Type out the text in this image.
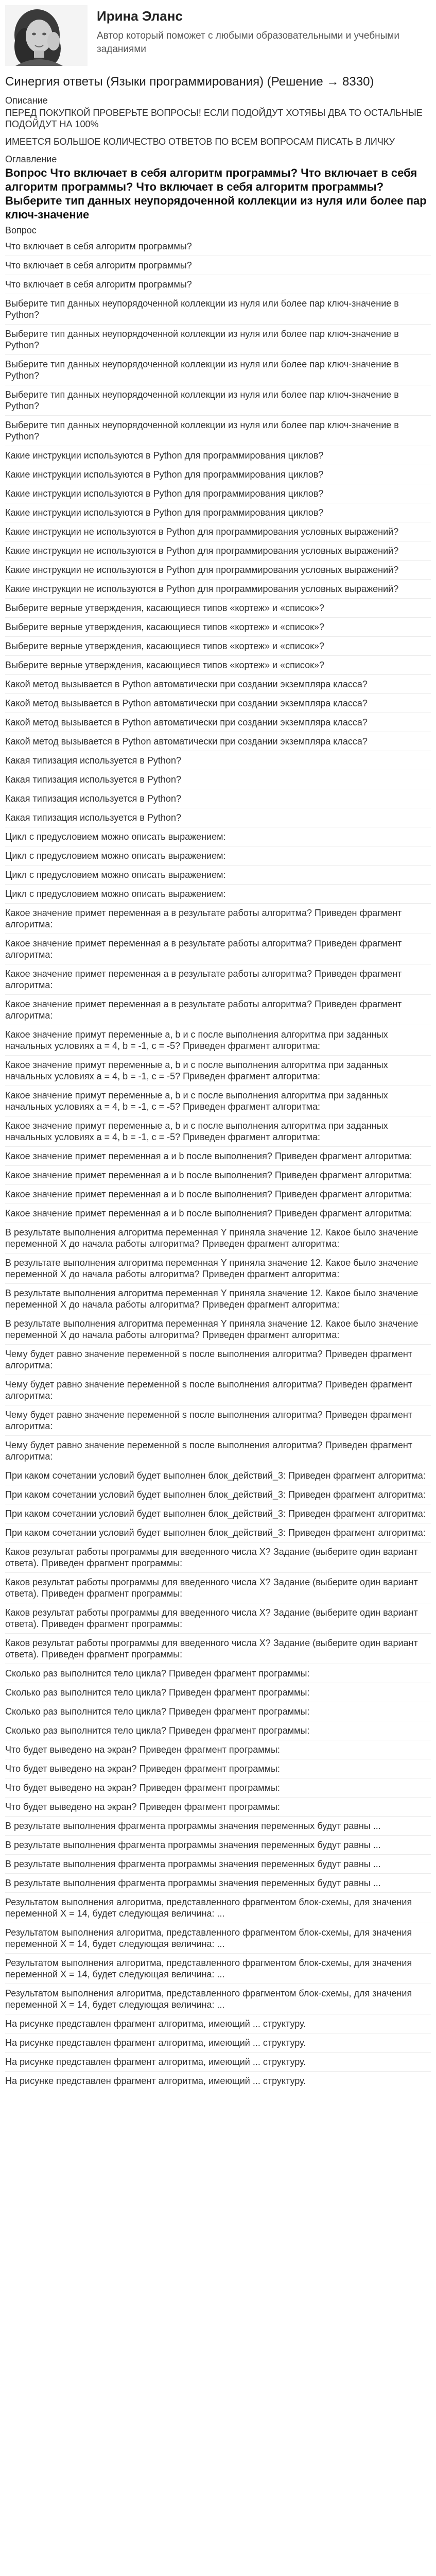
Ирина Эланс
Автор который поможет с любыми образовательными и учебными заданиями
Синергия ответы (Языки программирования) (Решение → 8330)
Описание
ПЕРЕД ПОКУПКОЙ ПРОВЕРЬТЕ ВОПРОСЫ! ЕСЛИ ПОДОЙДУТ ХОТЯБЫ ДВА ТО ОСТАЛЬНЫЕ ПОДОЙДУТ НА 100%
ИМЕЕТСЯ БОЛЬШОЕ КОЛИЧЕСТВО ОТВЕТОВ ПО ВСЕМ ВОПРОСАМ ПИСАТЬ В ЛИЧКУ
Оглавление
Вопрос Что включает в себя алгоритм программы? Что включает в себя алгоритм программы? Что включает в себя алгоритм программы? Выберите тип данных неупорядоченной коллекции из нуля или более пар ключ-значение
Вопрос
Что включает в себя алгоритм программы?
Что включает в себя алгоритм программы?
Что включает в себя алгоритм программы?
Выберите тип данных неупорядоченной коллекции из нуля или более пар ключ-значение в Python?
Выберите тип данных неупорядоченной коллекции из нуля или более пар ключ-значение в Python?
Выберите тип данных неупорядоченной коллекции из нуля или более пар ключ-значение в Python?
Выберите тип данных неупорядоченной коллекции из нуля или более пар ключ-значение в Python?
Выберите тип данных неупорядоченной коллекции из нуля или более пар ключ-значение в Python?
Какие инструкции используются в Python для программирования циклов?
Какие инструкции используются в Python для программирования циклов?
Какие инструкции используются в Python для программирования циклов?
Какие инструкции используются в Python для программирования циклов?
Какие инструкции не используются в Python для программирования условных выражений?
Какие инструкции не используются в Python для программирования условных выражений?
Какие инструкции не используются в Python для программирования условных выражений?
Какие инструкции не используются в Python для программирования условных выражений?
Выберите верные утверждения, касающиеся типов «кортеж» и «список»?
Выберите верные утверждения, касающиеся типов «кортеж» и «список»?
Выберите верные утверждения, касающиеся типов «кортеж» и «список»?
Выберите верные утверждения, касающиеся типов «кортеж» и «список»?
Какой метод вызывается в Python автоматически при создании экземпляра класса?
Какой метод вызывается в Python автоматически при создании экземпляра класса?
Какой метод вызывается в Python автоматически при создании экземпляра класса?
Какой метод вызывается в Python автоматически при создании экземпляра класса?
Какая типизация используется в Python?
Какая типизация используется в Python?
Какая типизация используется в Python?
Какая типизация используется в Python?
Цикл с предусловием можно описать выражением:
Цикл с предусловием можно описать выражением:
Цикл с предусловием можно описать выражением:
Цикл с предусловием можно описать выражением:
Какое значение примет переменная a в результате работы алгоритма? Приведен фрагмент алгоритма:
Какое значение примет переменная a в результате работы алгоритма? Приведен фрагмент алгоритма:
Какое значение примет переменная a в результате работы алгоритма? Приведен фрагмент алгоритма:
Какое значение примет переменная a в результате работы алгоритма? Приведен фрагмент алгоритма:
Какое значение примут переменные a, b и c после выполнения алгоритма при заданных начальных условиях a = 4, b = -1, c = -5? Приведен фрагмент алгоритма:
Какое значение примут переменные a, b и c после выполнения алгоритма при заданных начальных условиях a = 4, b = -1, c = -5? Приведен фрагмент алгоритма:
Какое значение примут переменные a, b и c после выполнения алгоритма при заданных начальных условиях a = 4, b = -1, c = -5? Приведен фрагмент алгоритма:
Какое значение примут переменные a, b и c после выполнения алгоритма при заданных начальных условиях a = 4, b = -1, c = -5? Приведен фрагмент алгоритма:
Какое значение примет переменная a и b после выполнения? Приведен фрагмент алгоритма:
Какое значение примет переменная a и b после выполнения? Приведен фрагмент алгоритма:
Какое значение примет переменная a и b после выполнения? Приведен фрагмент алгоритма:
Какое значение примет переменная a и b после выполнения? Приведен фрагмент алгоритма:
В результате выполнения алгоритма переменная Y приняла значение 12. Какое было значение переменной X до начала работы алгоритма? Приведен фрагмент алгоритма:
В результате выполнения алгоритма переменная Y приняла значение 12. Какое было значение переменной X до начала работы алгоритма? Приведен фрагмент алгоритма:
В результате выполнения алгоритма переменная Y приняла значение 12. Какое было значение переменной X до начала работы алгоритма? Приведен фрагмент алгоритма:
В результате выполнения алгоритма переменная Y приняла значение 12. Какое было значение переменной X до начала работы алгоритма? Приведен фрагмент алгоритма:
Чему будет равно значение переменной s после выполнения алгоритма? Приведен фрагмент алгоритма:
Чему будет равно значение переменной s после выполнения алгоритма? Приведен фрагмент алгоритма:
Чему будет равно значение переменной s после выполнения алгоритма? Приведен фрагмент алгоритма:
Чему будет равно значение переменной s после выполнения алгоритма? Приведен фрагмент алгоритма:
При каком сочетании условий будет выполнен блок_действий_3: Приведен фрагмент алгоритма:
При каком сочетании условий будет выполнен блок_действий_3: Приведен фрагмент алгоритма:
При каком сочетании условий будет выполнен блок_действий_3: Приведен фрагмент алгоритма:
При каком сочетании условий будет выполнен блок_действий_3: Приведен фрагмент алгоритма:
Каков результат работы программы для введенного числа X? Задание (выберите один вариант ответа). Приведен фрагмент программы:
Каков результат работы программы для введенного числа X? Задание (выберите один вариант ответа). Приведен фрагмент программы:
Каков результат работы программы для введенного числа X? Задание (выберите один вариант ответа). Приведен фрагмент программы:
Каков результат работы программы для введенного числа X? Задание (выберите один вариант ответа). Приведен фрагмент программы:
Сколько раз выполнится тело цикла? Приведен фрагмент программы:
Сколько раз выполнится тело цикла? Приведен фрагмент программы:
Сколько раз выполнится тело цикла? Приведен фрагмент программы:
Сколько раз выполнится тело цикла? Приведен фрагмент программы:
Что будет выведено на экран? Приведен фрагмент программы:
Что будет выведено на экран? Приведен фрагмент программы:
Что будет выведено на экран? Приведен фрагмент программы:
Что будет выведено на экран? Приведен фрагмент программы:
В результате выполнения фрагмента программы значения переменных будут равны ...
В результате выполнения фрагмента программы значения переменных будут равны ...
В результате выполнения фрагмента программы значения переменных будут равны ...
В результате выполнения фрагмента программы значения переменных будут равны ...
Результатом выполнения алгоритма, представленного фрагментом блок-схемы, для значения переменной X = 14, будет следующая величина: ...
Результатом выполнения алгоритма, представленного фрагментом блок-схемы, для значения переменной X = 14, будет следующая величина: ...
Результатом выполнения алгоритма, представленного фрагментом блок-схемы, для значения переменной X = 14, будет следующая величина: ...
Результатом выполнения алгоритма, представленного фрагментом блок-схемы, для значения переменной X = 14, будет следующая величина: ...
На рисунке представлен фрагмент алгоритма, имеющий ... структуру.
На рисунке представлен фрагмент алгоритма, имеющий ... структуру.
На рисунке представлен фрагмент алгоритма, имеющий ... структуру.
На рисунке представлен фрагмент алгоритма, имеющий ... структуру.
